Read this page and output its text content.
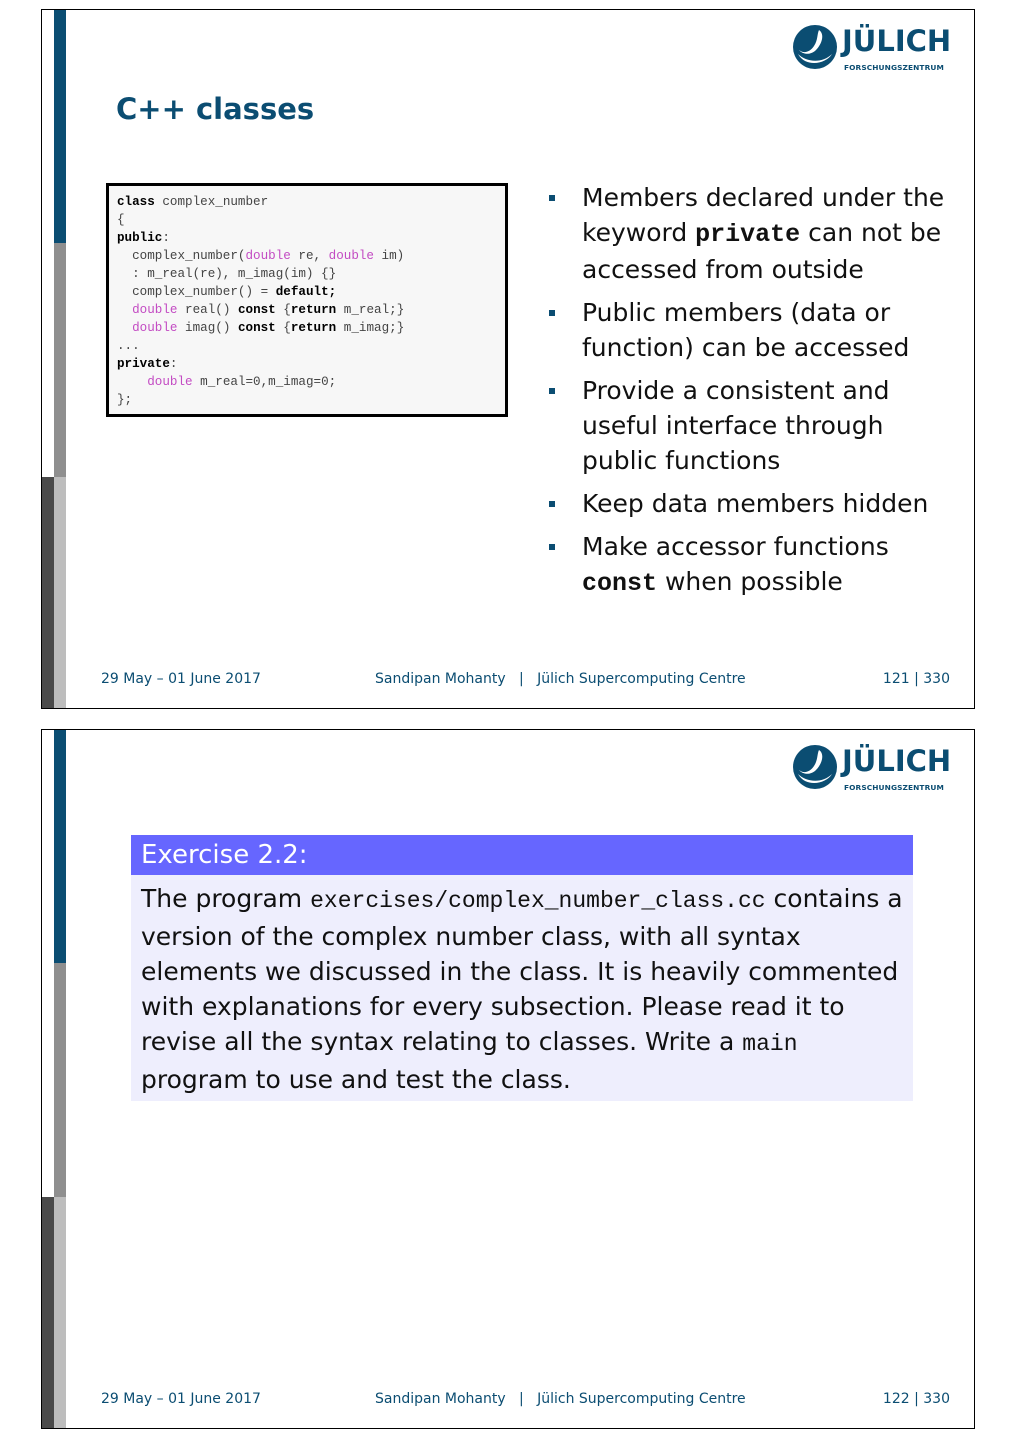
JÜLICH
FORSCHUNGSZENTRUM
C++ classes
class complex_number
{
public:
complex_number(double re, double im)
: m_real(re), m_imag(im) {}
complex_number() = default;
double real() const {return m_real;}
double imag() const {return m_imag;}
...
private:
double m_real=0,m_imag=0;
};
Members declared under the keyword private can not be accessed from outside
Public members (data or function) can be accessed
Provide a consistent and useful interface through public functions
Keep data members hidden
Make accessor functions const when possible
29 May – 01 June 2017	Sandipan Mohanty | Jülich Supercomputing Centre	121 | 330
JÜLICH
FORSCHUNGSZENTRUM
Exercise 2.2:
The program exercises/complex_number_class.cc contains a version of the complex number class, with all syntax elements we discussed in the class. It is heavily commented with explanations for every subsection. Please read it to revise all the syntax relating to classes. Write a main program to use and test the class.
29 May – 01 June 2017	Sandipan Mohanty | Jülich Supercomputing Centre	122 | 330
